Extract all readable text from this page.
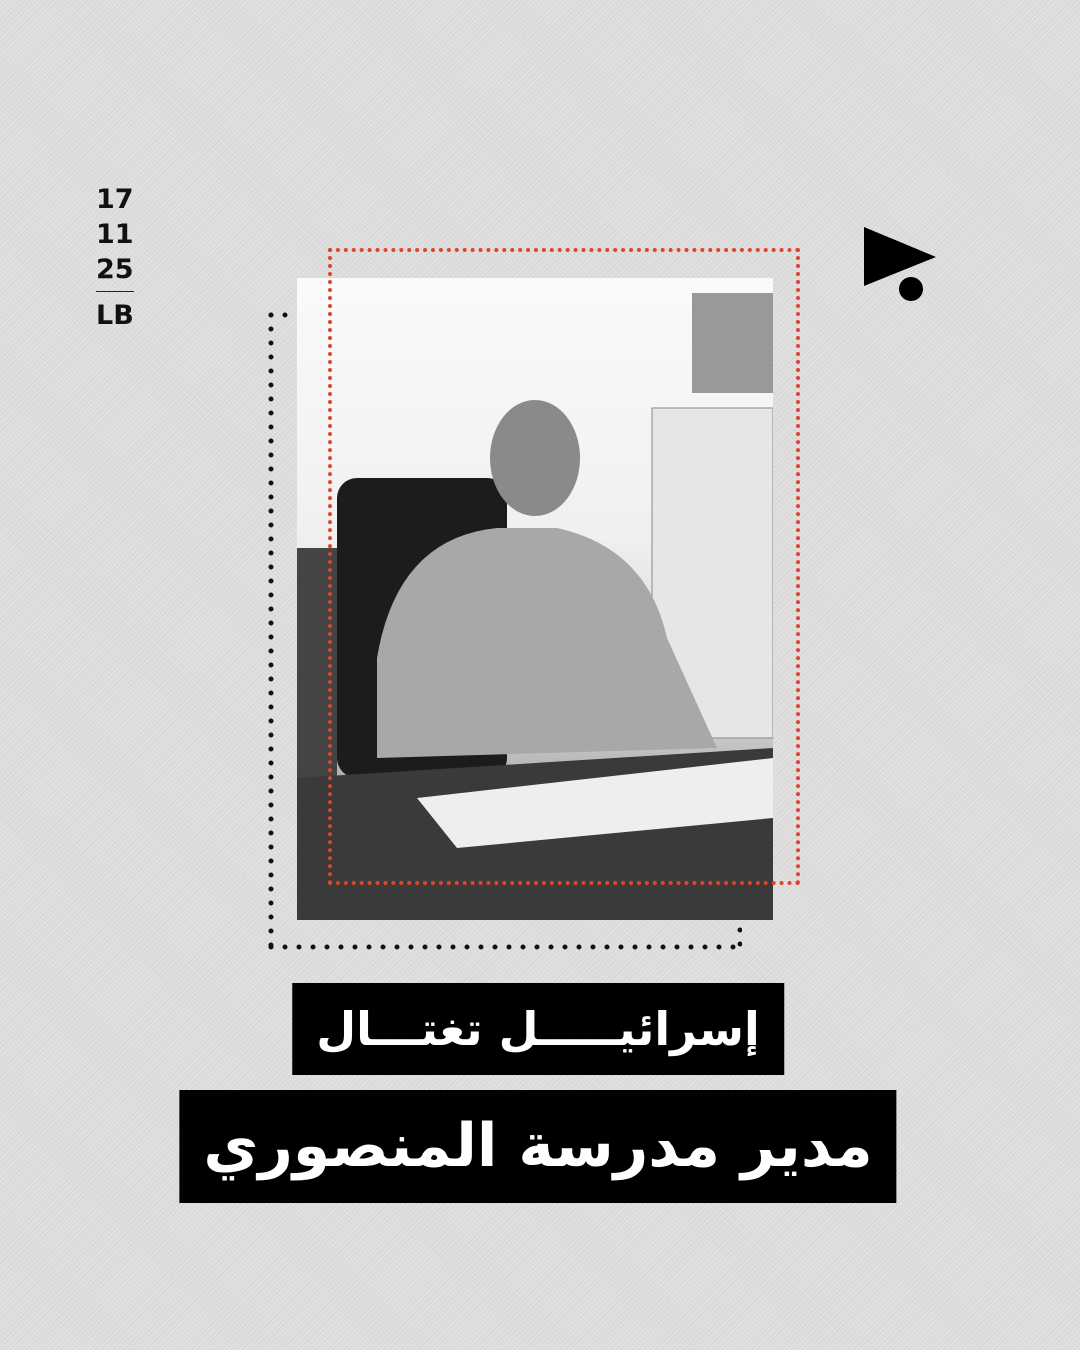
17
11
25
LB
إسرائيـــــل تغتـــال
مدير مدرسة المنصوري
